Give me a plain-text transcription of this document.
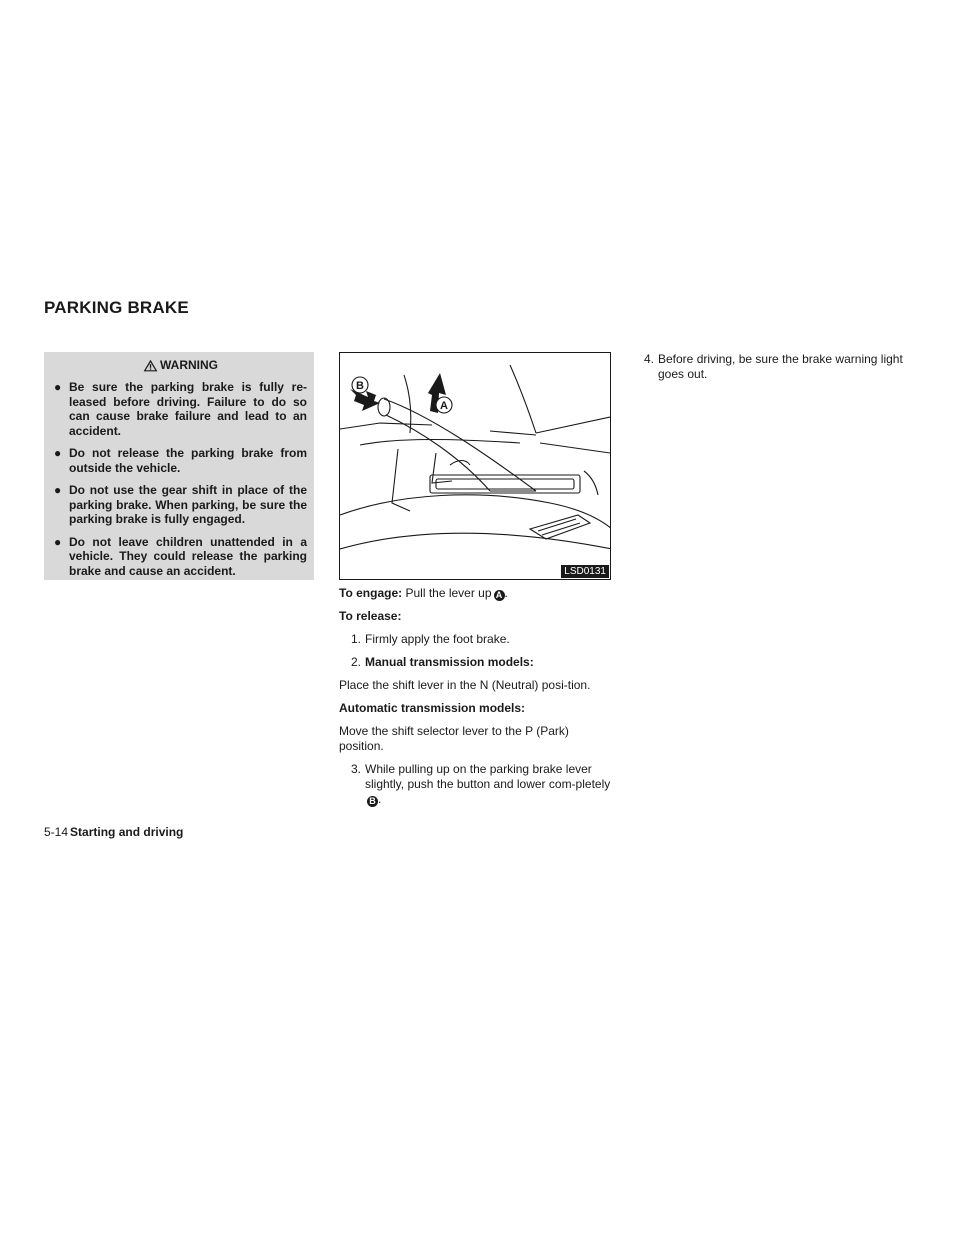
PARKING BRAKE
WARNING
● Be sure the parking brake is fully re-leased before driving. Failure to do so can cause brake failure and lead to an accident.
● Do not release the parking brake from outside the vehicle.
● Do not use the gear shift in place of the parking brake. When parking, be sure the parking brake is fully engaged.
● Do not leave children unattended in a vehicle. They could release the parking brake and cause an accident.
A
B
LSD0131

To engage: Pull the lever up A .

To release:

1. Firmly apply the foot brake.
2. Manual transmission models:

Place the shift lever in the N (Neutral) posi-tion.

Automatic transmission models:

Move the shift selector lever to the P (Park) position.

3. While pulling up on the parking brake lever slightly, push the button and lower com-pletelyB .
4. Before driving, be sure the brake warning light goes out.
5-14 Starting and driving
